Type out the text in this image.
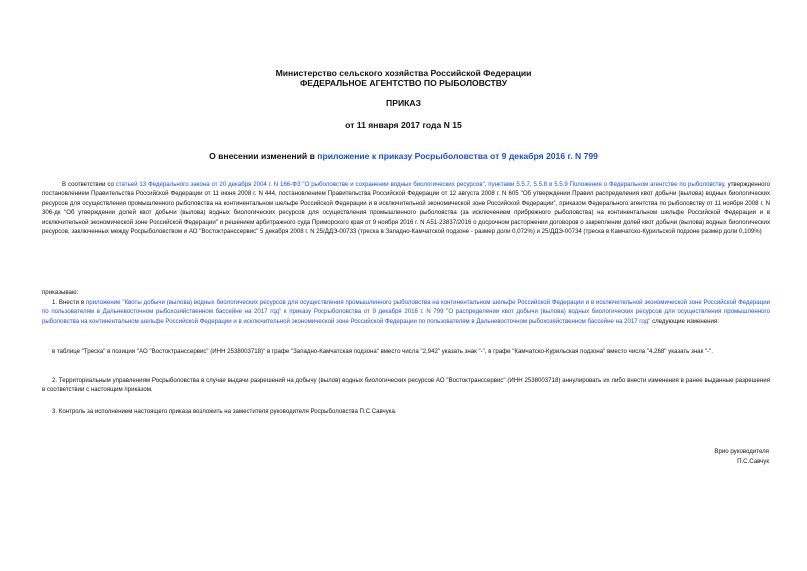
Министерство сельского хозяйства Российской Федерации
ФЕДЕРАЛЬНОЕ АГЕНТСТВО ПО РЫБОЛОВСТВУ
ПРИКАЗ
от 11 января 2017 года N 15
О внесении изменений в приложение к приказу Росрыболовства от 9 декабря 2016 г. N 799
В соответствии со статьей 13 Федерального закона от 20 декабря 2004 г. N 166-ФЗ "О рыболовстве и сохранении водных биологических ресурсов", пунктами 5.5.7, 5.5.8 и 5.5.9 Положения о Федеральном агентстве по рыболовству, утвержденного постановлением Правительства Российской Федерации от 11 июня 2008 г. N 444, постановлением Правительства Российской Федерации от 12 августа 2008 г. N 605 "Об утверждении Правил распределения квот добычи (вылова) водных биологических ресурсов для осуществления промышленного рыболовства на континентальном шельфе Российской Федерации и в исключительной экономической зоне Российской Федерации", приказом Федерального агентства по рыболовству от 11 ноября 2008 г. N 306-дк "Об утверждении долей квот добычи (вылова) водных биологических ресурсов для осуществления промышленного рыболовства (за исключением прибрежного рыболовства) на континентальном шельфе Российской Федерации и в исключительной экономической зоне Российской Федерации" и решением арбитражного суда Приморского края от 9 ноября 2016 г. N А51-23837/2016 о досрочном расторжении договоров о закреплении долей квот добычи (вылова) водных биологических ресурсов, заключенных между Росрыболовством и АО "Востоктранссервис" 5 декабря 2008 г. N 25/ДДЭ-00733 (треска в Западно-Камчатской подзоне - размер доли 0,072%) и 25/ДДЭ-00734 (треска в Камчатско-Курильской подзоне размер доли 0,109%)
приказываю:
1. Внести в приложение "Квоты добычи (вылова) водных биологических ресурсов для осуществления промышленного рыболовства на континентальном шельфе Российской Федерации и в исключительной экономической зоне Российской Федерации по пользователям в Дальневосточном рыбохозяйственном бассейне на 2017 год" к приказу Росрыболовства от 9 декабря 2016 г. N 799 "О распределении квот добычи (вылова) водных биологических ресурсов для осуществления промышленного рыболовства на континентальном шельфе Российской Федерации и в исключительной экономической зоне Российской Федерации по пользователям в Дальневосточном рыбохозяйственном бассейне на 2017 год" следующие изменения:
в таблице "Треска" в позиции "АО "Востоктранссервис" (ИНН 2538003718)" в графе "Западно-Камчатская подзона" вместо числа "2,942" указать знак "-", в графе "Камчатско-Курильская подзона" вместо числа "4,268" указать знак "-".
2. Территориальным управлениям Росрыболовства в случае выдачи разрешений на добычу (вылов) водных биологических ресурсов АО "Востоктранссервис" (ИНН 2538003718) аннулировать их либо внести изменения в ранее выданные разрешения в соответствии с настоящим приказом.
3. Контроль за исполнением настоящего приказа возложить на заместителя руководителя Росрыболовства П.С.Савчука.
Врио руководителя
П.С.Савчук
